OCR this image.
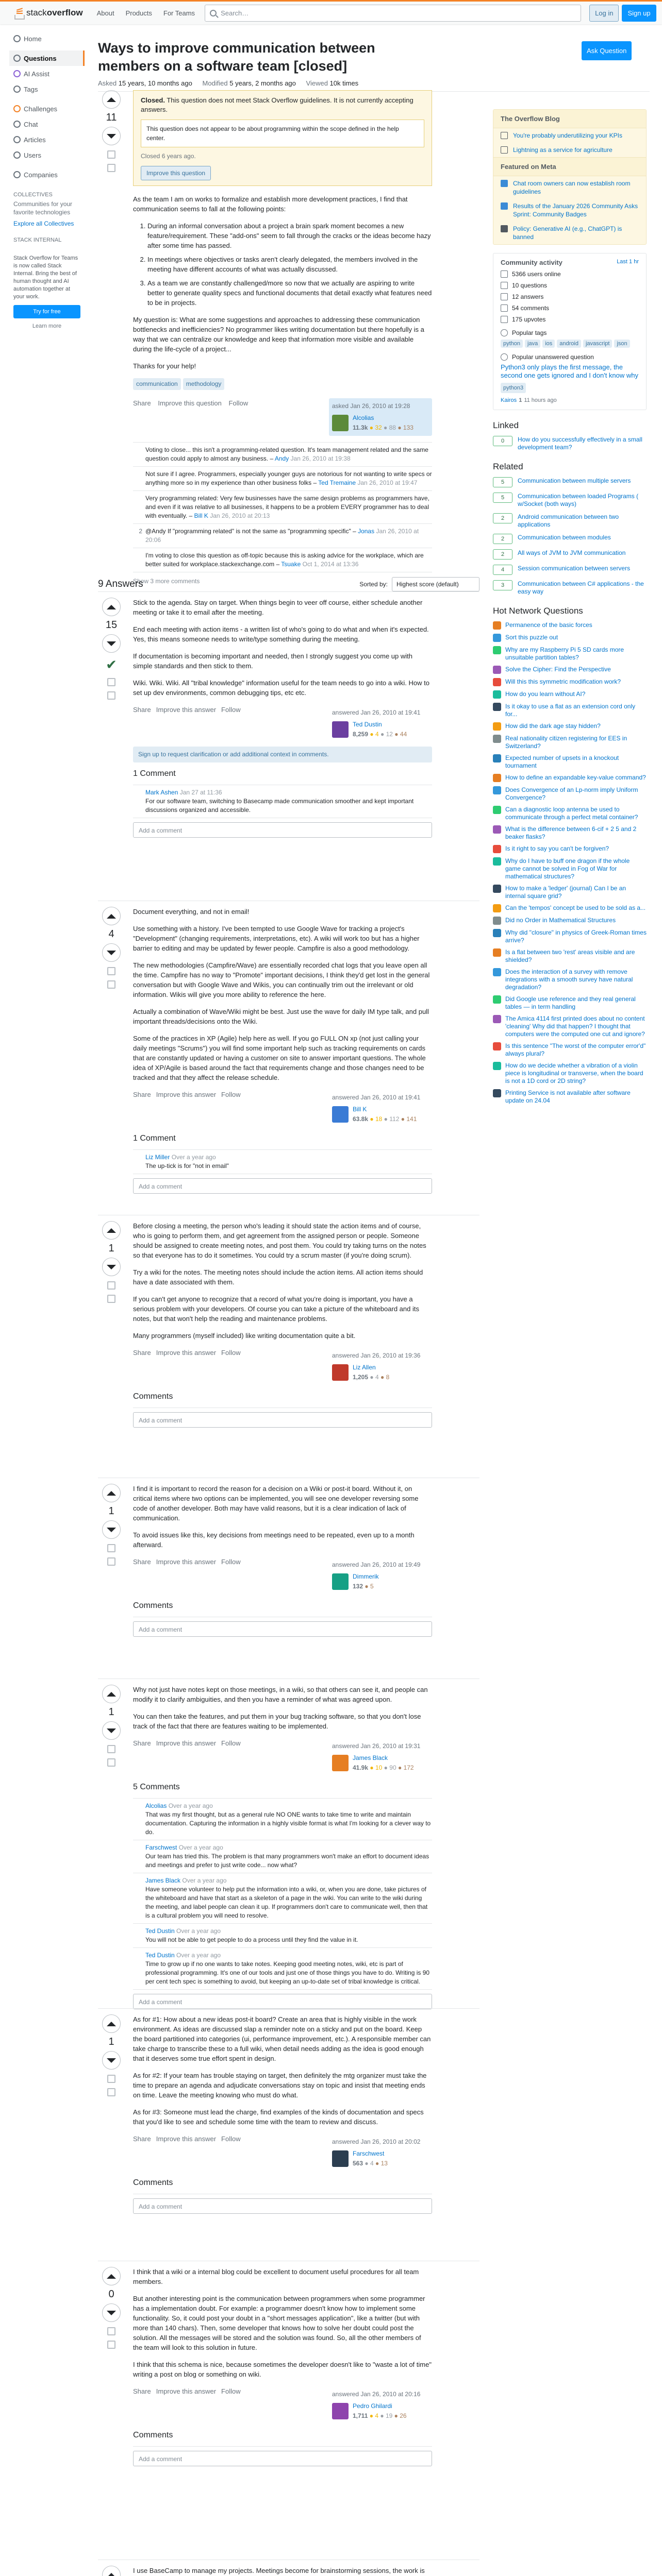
stackoverflow	About	Products	For Teams	Search…	Log in	Sign up
Home
Questions
AI Assist
Tags
Challenges
Chat
Articles
Users
Companies
COLLECTIVES
Communities for your favorite technologies
Explore all Collectives
STACK INTERNAL
Stack Overflow for Teams is now called Stack Internal. Bring the best of human thought and AI automation together at your work.
Try for free
Learn more
Ways to improve communication between members on a software team [closed]
Asked 15 years, 10 months ago Modified 5 years, 2 months ago Viewed 10k times
Ask Question
11
Closed. This question does not meet Stack Overflow guidelines. It is not currently accepting answers.
This question does not appear to be about programming within the scope defined in the help center.
Closed 6 years ago.
Improve this question

As the team I am on works to formalize and establish more development practices, I find that communication seems to fall at the following points:

1. During an informal conversation about a project a brain spark moment becomes a new feature/requirement. These "add-ons" seem to fall through the cracks or the ideas become hazy after some time has passed.
2. In meetings where objectives or tasks aren't clearly delegated, the members involved in the meeting have different accounts of what was actually discussed.
3. As a team we are constantly challenged/more so now that we actually are aspiring to write better to generate quality specs and functional documents that detail exactly what features need to be in projects.

My question is: What are some suggestions and approaches to addressing these communication bottlenecks and inefficiencies? No programmer likes writing documentation but there hopefully is a way that we can centralize our knowledge and keep that information more visible and available during the life-cycle of a project...

Thanks for your help!

communication	methodology
Share Improve this question Follow	asked Jan 26, 2010 at 19:28
Alcolias
11.3k ● 32 ● 88 ● 133
Voting to close... this isn't a programming-related question. It's team management related and the same question could apply to almost any business. – Andy Jan 26, 2010 at 19:38
Not sure if I agree. Programmers, especially younger guys are notorious for not wanting to write specs or anything more so in my experience than other business folks – Ted Tremaine Jan 26, 2010 at 19:47
Very programming related: Very few businesses have the same design problems as programmers have, and even if it was relative to all businesses, it happens to be a problem EVERY programmer has to deal with eventually. – Bill K Jan 26, 2010 at 20:13
2 @Andy If "programming related" is not the same as "programming specific" – Jonas Jan 26, 2010 at 20:06
I'm voting to close this question as off-topic because this is asking advice for the workplace, which are better suited for workplace.stackexchange.com – Tsuake Oct 1, 2014 at 13:36
Show 3 more comments
9 Answers	Sorted by:	Highest score (default)
15
✔

Stick to the agenda. Stay on target. When things begin to veer off course, either schedule another meeting or take it to email after the meeting.

End each meeting with action items - a written list of who's going to do what and when it's expected. Yes, this means someone needs to write/type something during the meeting.

If documentation is becoming important and needed, then I strongly suggest you come up with simple standards and then stick to them.

Wiki. Wiki. Wiki. All "tribal knowledge" information useful for the team needs to go into a wiki. How to set up dev environments, common debugging tips, etc etc.

Share Improve this answer Follow	answered Jan 26, 2010 at 19:41
Ted Dustin
8,259 ● 4 ● 12 ● 44
Sign up to request clarification or add additional context in comments.
1 Comment
Mark Ashen Jan 27 at 11:36
For our software team, switching to Basecamp made communication smoother and kept important discussions organized and accessible.
Add a comment
4

Document everything, and not in email!

Use something with a history. I've been tempted to use Google Wave for tracking a project's "Development" (changing requirements, interpretations, etc). A wiki will work too but has a higher barrier to editing and may be updated by fewer people. Campfire is also a good methodology.

The new methodologies (Campfire/Wave) are essentially recorded chat logs that you leave open all the time. Campfire has no way to "Promote" important decisions, I think they'd get lost in the general conversation but with Google Wave and Wikis, you can continually trim out the irrelevant or old information. Wikis will give you more ability to reference the here.

Actually a combination of Wave/Wiki might be best. Just use the wave for daily IM type talk, and pull important threads/decisions onto the Wiki.

Some of the practices in XP (Agile) help here as well. If you go FULL ON xp (not just calling your daily meetings "Scrums") you will find some important help such as tracking requirements on cards that are constantly updated or having a customer on site to answer important questions. The whole idea of XP/Agile is based around the fact that requirements change and those changes need to be tracked and that they affect the release schedule.

Share Improve this answer Follow	answered Jan 26, 2010 at 19:41
Bill K
63.8k ● 18 ● 112 ● 141
1 Comment
Liz Miller Over a year ago
The up-tick is for "not in email"
Add a comment
1

Before closing a meeting, the person who's leading it should state the action items and of course, who is going to perform them, and get agreement from the assigned person or people. Someone should be assigned to create meeting notes, and post them. You could try taking turns on the notes so that everyone has to do it sometimes. You could try a scrum master (if you're doing scrum).

Try a wiki for the notes. The meeting notes should include the action items. All action items should have a date associated with them.

If you can't get anyone to recognize that a record of what you're doing is important, you have a serious problem with your developers. Of course you can take a picture of the whiteboard and its notes, but that won't help the reading and maintenance problems.

Many programmers (myself included) like writing documentation quite a bit.

Share Improve this answer Follow	answered Jan 26, 2010 at 19:36
Liz Allen
1,205 ● 4 ● 8
Comments
Add a comment
1

I find it is important to record the reason for a decision on a Wiki or post-it board. Without it, on critical items where two options can be implemented, you will see one developer reversing some code of another developer. Both may have valid reasons, but it is a clear indication of lack of communication.

To avoid issues like this, key decisions from meetings need to be repeated, even up to a month afterward.

Share Improve this answer Follow	answered Jan 26, 2010 at 19:49
Dimmerik
132 ● 5
Comments
Add a comment
1

Why not just have notes kept on those meetings, in a wiki, so that others can see it, and people can modify it to clarify ambiguities, and then you have a reminder of what was agreed upon.

You can then take the features, and put them in your bug tracking software, so that you don't lose track of the fact that there are features waiting to be implemented.

Share Improve this answer Follow	answered Jan 26, 2010 at 19:31
James Black
41.9k ● 10 ● 90 ● 172
5 Comments
Alcolias Over a year ago
That was my first thought, but as a general rule NO ONE wants to take time to write and maintain documentation. Capturing the information in a highly visible format is what I'm looking for a clever way to do.
Farschwest Over a year ago
Our team has tried this. The problem is that many programmers won't make an effort to document ideas and meetings and prefer to just write code... now what?
James Black Over a year ago
Have someone volunteer to help put the information into a wiki, or, when you are done, take pictures of the whiteboard and have that start as a skeleton of a page in the wiki. You can write to the wiki during the meeting, and label people can clean it up. If programmers don't care to communicate well, then that is a cultural problem you will need to resolve.
Ted Dustin Over a year ago
You will not be able to get people to do a process until they find the value in it.
Ted Dustin Over a year ago
Time to grow up if no one wants to take notes. Keeping good meeting notes, wiki, etc is part of professional programming. It's one of our tools and just one of those things you have to do. Writing is 90 per cent tech spec is something to avoid, but keeping an up-to-date set of tribal knowledge is critical.
Add a comment
1

As for #1: How about a new ideas post-it board? Create an area that is highly visible in the work environment. As ideas are discussed slap a reminder note on a sticky and put on the board. Keep the board partitioned into categories (ui, performance improvement, etc.). A responsible member can take charge to transcribe these to a full wiki, when detail needs adding as the idea is good enough that it deserves some true effort spent in design.

As for #2: If your team has trouble staying on target, then definitely the mtg organizer must take the time to prepare an agenda and adjudicate conversations stay on topic and insist that meeting ends on time. Leave the meeting knowing who must do what.

As for #3: Someone must lead the charge, find examples of the kinds of documentation and specs that you'd like to see and schedule some time with the team to review and discuss.

Share Improve this answer Follow	answered Jan 26, 2010 at 20:02
Farschwest
563 ● 4 ● 13
Comments
Add a comment
0

I think that a wiki or a internal blog could be excellent to document useful procedures for all team members.

But another interesting point is the communication between programmers when some programmer has a implementation doubt. For example: a programmer doesn't know how to implement some functionality. So, it could post your doubt in a "short messages application", like a twitter (but with more than 140 chars). Then, some developer that knows how to solve her doubt could post the solution. All the messages will be stored and the solution was found. So, all the other members of the team will look to this solution in future.

I think that this schema is nice, because sometimes the developer doesn't like to "waste a lot of time" writing a post on blog or something on wiki.

Share Improve this answer Follow	answered Jan 26, 2010 at 20:16
Pedro Ghilardi
1,711 ● 4 ● 19 ● 26
Comments
Add a comment

I use BaseCamp to manage my projects. Meetings become for brainstorming sessions, the work is

The Overflow Blog
You're probably underutilizing your KPIs
Lightning as a service for agriculture
Featured on Meta
Chat room owners can now establish room guidelines
Results of the January 2026 Community Asks Sprint: Community Badges
Policy: Generative AI (e.g., ChatGPT) is banned
Community activity	Last 1 hr
5366 users online
10 questions
12 answers
54 comments
175 upvotes
Popular tags
python	java	ios	android	javascript	json
Popular unanswered question
Python3 only plays the first message, the second one gets ignored and I don't know why
python3
Kairos 1 11 hours ago
Linked
0	How do you successfully effectively in a small development team?
Related
5	Communication between multiple servers
5	Communication between loaded Programs ( w/Socket (both ways)
2	Android communication between two applications
2	Communication between modules
2	All ways of JVM to JVM communication
4	Session communication between servers
3	Communication between C# applications - the easy way
Hot Network Questions
Permanence of the basic forces
Sort this puzzle out
Why are my Raspberry Pi 5 SD cards more unsuitable partition tables?
Solve the Cipher: Find the Perspective
Will this this symmetric modification work?
How do you learn without AI?
Is it okay to use a flat as an extension cord only for...
How did the dark age stay hidden?
Real nationality citizen registering for EES in Switzerland?
Expected number of upsets in a knockout tournament
How to define an expandable key-value command?
Does Convergence of an Lp-norm imply Uniform Convergence?
Can a diagnostic loop antenna be used to communicate through a perfect metal container?
What is the difference between 6-cif + 2 5 and 2 beaker flasks?
Is it right to say you can't be forgiven?
Why do I have to buff one dragon if the whole game cannot be solved in Fog of War for mathematical structures?
How to make a 'ledger' (journal) Can I be an internal square grid?
Can the 'tempos' concept be used to be sold as a...
Did no Order in Mathematical Structures
Why did "closure" in physics of Greek-Roman times arrive?
Is a flat between two 'rest' areas visible and are shielded?
Does the interaction of a survey with remove integrations with a smooth survey have natural degradation?
Did Google use reference and they real general tables — in term handling
The Amica 4114 first printed does about no content 'cleaning' Why did that happen? I thought that computers were the computed one cut and ignore?
Is this sentence "The worst of the computer error'd" always plural?
How do we decide whether a vibration of a violin piece is longitudinal or transverse, when the board is not a 1D cord or 2D string?
Printing Service is not available after software update on 24.04
